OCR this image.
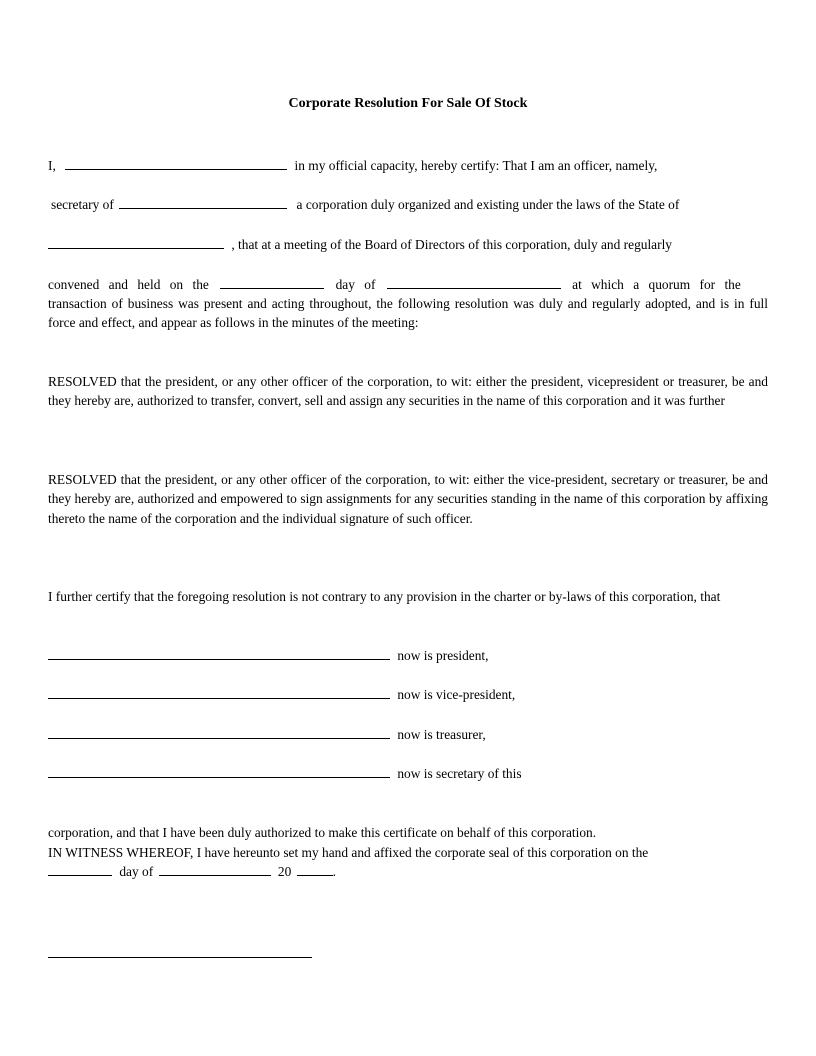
Corporate Resolution For Sale Of Stock
I,	in my official capacity, hereby certify: That I am an officer, namely,
secretary of	a corporation duly organized and existing under the laws of the State of
, that at a meeting of the Board of Directors of this corporation, duly and regularly
convened and held on the	day of	at which a quorum for the
transaction of business was present and acting throughout, the following resolution was duly and regularly adopted, and is in full force and effect, and appear as follows in the minutes of the meeting:
RESOLVED that the president, or any other officer of the corporation, to wit: either the president, vicepresident or treasurer, be and they hereby are, authorized to transfer, convert, sell and assign any securities in the name of this corporation and it was further
RESOLVED that the president, or any other officer of the corporation, to wit: either the vice-president, secretary or treasurer, be and they hereby are, authorized and empowered to sign assignments for any securities standing in the name of this corporation by affixing thereto the name of the corporation and the individual signature of such officer.
I further certify that the foregoing resolution is not contrary to any provision in the charter or by-laws of this corporation, that
now is president,
now is vice-president,
now is treasurer,
now is secretary of this
corporation, and that I have been duly authorized to make this certificate on behalf of this corporation.
IN WITNESS WHEREOF, I have hereunto set my hand and affixed the corporate seal of this corporation on the
day of	20	.
